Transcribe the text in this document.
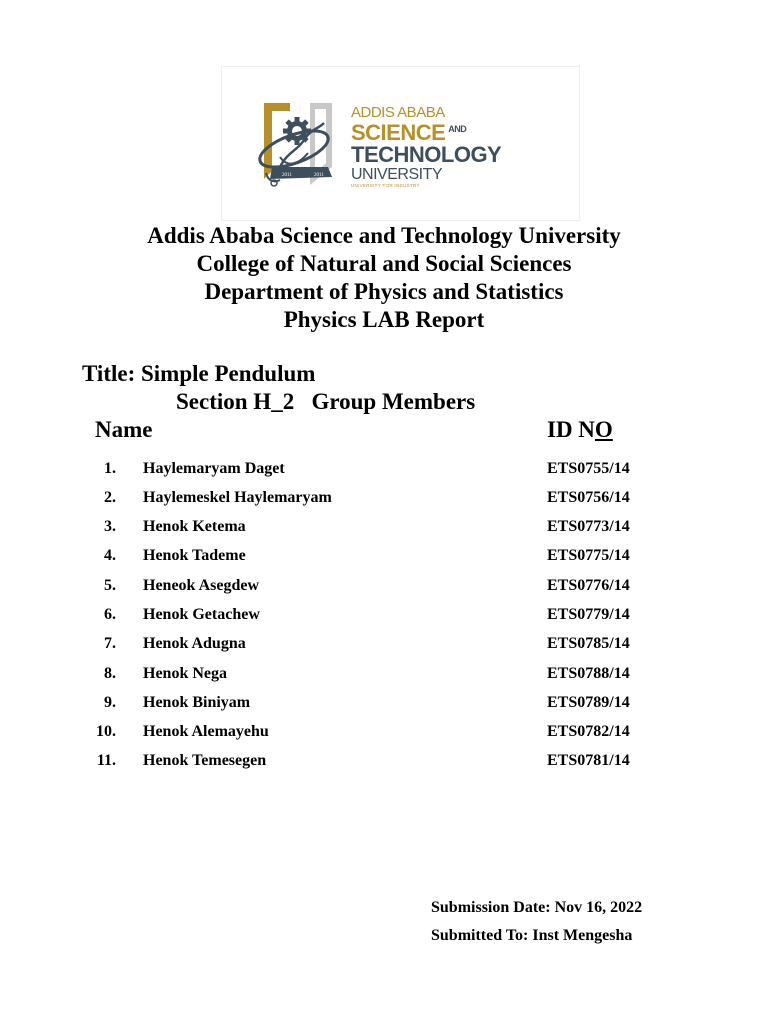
2011	2011
ADDIS ABABA
SCIENCE $^{AND}$
TECHNOLOGY
UNIVERSITY
UNIVERSITY FOR INDUSTRY
Addis Ababa Science and Technology University
College of Natural and Social Sciences
Department of Physics and Statistics
Physics LAB Report
Title: Simple Pendulum
Section H_2   Group Members
Name	ID NO
1. Haylemaryam Daget	ETS0755/14
2. Haylemeskel Haylemaryam	ETS0756/14
3. Henok Ketema	ETS0773/14
4. Henok Tademe	ETS0775/14
5. Heneok Asegdew	ETS0776/14
6. Henok Getachew	ETS0779/14
7. Henok Adugna	ETS0785/14
8. Henok Nega	ETS0788/14
9. Henok Biniyam	ETS0789/14
10. Henok Alemayehu	ETS0782/14
11. Henok Temesegen	ETS0781/14
Submission Date: Nov 16, 2022
Submitted To: Inst Mengesha
